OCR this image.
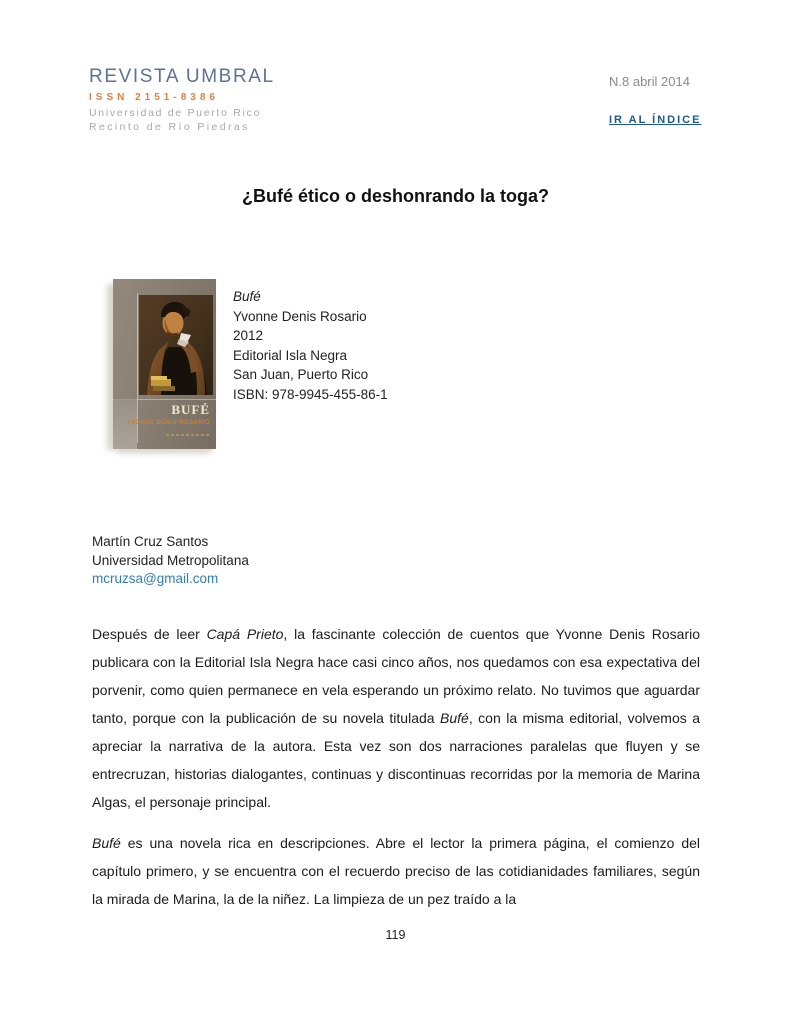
REVISTA UMBRAL
ISSN 2151-8386
Universidad de Puerto Rico
Recinto de Río Piedras
N.8 abril 2014
IR AL ÍNDICE
¿Bufé ético o deshonrando la toga?
BUFÉ
YVONNE DENIS-ROSARIO
Bufé
Yvonne Denis Rosario
2012
Editorial Isla Negra
San Juan, Puerto Rico
ISBN: 978-9945-455-86-1
Martín Cruz Santos
Universidad Metropolitana
mcruzsa@gmail.com

Después de leer Capá Prieto, la fascinante colección de cuentos que Yvonne Denis Rosario publicara con la Editorial Isla Negra hace casi cinco años, nos quedamos con esa expectativa del porvenir, como quien permanece en vela esperando un próximo relato. No tuvimos que aguardar tanto, porque con la publicación de su novela titulada Bufé, con la misma editorial, volvemos a apreciar la narrativa de la autora. Esta vez son dos narraciones paralelas que fluyen y se entrecruzan, historias dialogantes, continuas y discontinuas recorridas por la memoria de Marina Algas, el personaje principal.

Bufé es una novela rica en descripciones. Abre el lector la primera página, el comienzo del capítulo primero, y se encuentra con el recuerdo preciso de las cotidianidades familiares, según la mirada de Marina, la de la niñez. La limpieza de un pez traído a la

119
